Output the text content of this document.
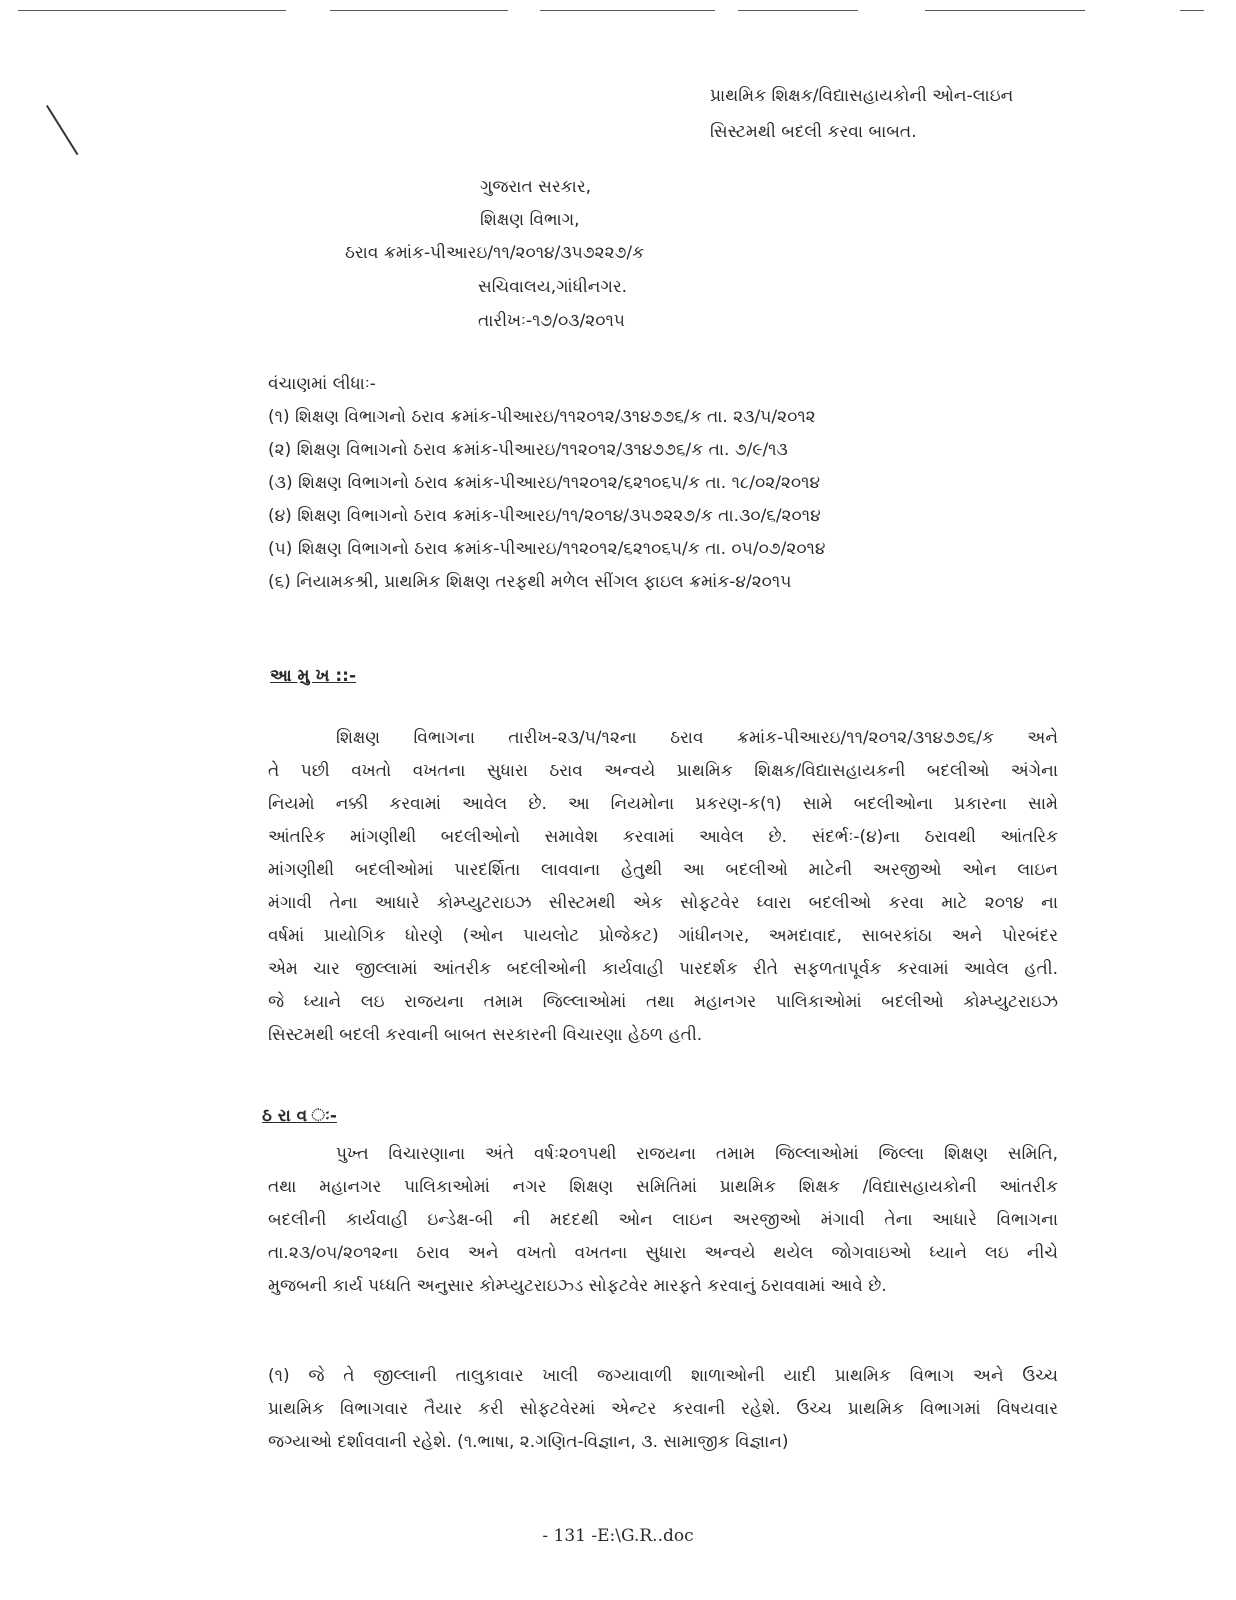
પ્રાથમિક શિક્ષક/વિદ્યાસહાયકોની ઓન-લાઇન
સિસ્ટમથી બદલી કરવા બાબત.
ગુજરાત સરકાર,
શિક્ષણ વિભાગ,
ઠરાવ ક્રમાંક-પીઆરઇ/૧૧/૨૦૧૪/૩૫૭૨૨૭/ક
સચિવાલય,ગાંધીનગર.
તારીખઃ-૧૭/૦૩/૨૦૧૫
વંચાણમાં લીધાઃ-
(૧) શિક્ષણ વિભાગનો ઠરાવ ક્રમાંક-પીઆરઇ/૧૧૨૦૧૨/૩૧૪૭૭૬/ક તા. ૨૩/૫/૨૦૧૨
(૨) શિક્ષણ વિભાગનો ઠરાવ ક્રમાંક-પીઆરઇ/૧૧૨૦૧૨/૩૧૪૭૭૬/ક તા. ૭/૯/૧૩
(૩) શિક્ષણ વિભાગનો ઠરાવ ક્રમાંક-પીઆરઇ/૧૧૨૦૧૨/૬૨૧૦૬૫/ક તા. ૧૮/૦૨/૨૦૧૪
(૪) શિક્ષણ વિભાગનો ઠરાવ ક્રમાંક-પીઆરઇ/૧૧/૨૦૧૪/૩૫૭૨૨૭/ક તા.૩૦/૬/૨૦૧૪
(૫) શિક્ષણ વિભાગનો ઠરાવ ક્રમાંક-પીઆરઇ/૧૧૨૦૧૨/૬૨૧૦૬૫/ક તા. ૦૫/૦૭/૨૦૧૪
(૬) નિયામકશ્રી, પ્રાથમિક શિક્ષણ તરફથી મળેલ સીંગલ ફાઇલ ક્રમાંક-૪/૨૦૧૫
આ મુ ખ ::-
શિક્ષણ વિભાગના તારીખ-૨૩/૫/૧૨ના ઠરાવ ક્રમાંક-પીઆરઇ/૧૧/૨૦૧૨/૩૧૪૭૭૬/ક અને
તે પછી વખતો વખતના સુધારા ઠરાવ અન્વયે પ્રાથમિક શિક્ષક/વિદ્યાસહાયકની બદલીઓ અંગેના
નિયમો નક્કી કરવામાં આવેલ છે. આ નિયમોના પ્રકરણ-ક(૧) સામે બદલીઓના પ્રકારના સામે
આંતરિક માંગણીથી બદલીઓનો સમાવેશ કરવામાં આવેલ છે. સંદર્ભઃ-(૪)ના ઠરાવથી આંતરિક
માંગણીથી બદલીઓમાં પારદર્શિતા લાવવાના હેતુથી આ બદલીઓ માટેની અરજીઓ ઓન લાઇન
મંગાવી તેના આધારે કોમ્પ્યુટરાઇઝ સીસ્ટમથી એક સોફટવેર ધ્વારા બદલીઓ કરવા માટે ૨૦૧૪ ના
વર્ષમાં પ્રાયોગિક ધોરણે (ઓન પાયલોટ પ્રોજેકટ) ગાંધીનગર, અમદાવાદ, સાબરકાંઠા અને પોરબંદર
એમ ચાર જીલ્લામાં આંતરીક બદલીઓની કાર્યવાહી પારદર્શક રીતે સફળતાપૂર્વક કરવામાં આવેલ હતી.
જે ધ્યાને લઇ રાજયના તમામ જિલ્લાઓમાં તથા મહાનગર પાલિકાઓમાં બદલીઓ કોમ્પ્યુટરાઇઝ
સિસ્ટમથી બદલી કરવાની બાબત સરકારની વિચારણા હેઠળ હતી.
ઠ રા વ ઃ-
પુખ્ત વિચારણાના અંતે વર્ષઃ૨૦૧૫થી રાજયના તમામ જિલ્લાઓમાં જિલ્લા શિક્ષણ સમિતિ,
તથા મહાનગર પાલિકાઓમાં નગર શિક્ષણ સમિતિમાં પ્રાથમિક શિક્ષક /વિદ્યાસહાયકોની આંતરીક
બદલીની કાર્યવાહી ઇન્ડેક્ષ-બી ની મદદથી ઓન લાઇન અરજીઓ મંગાવી તેના આધારે વિભાગના
તા.૨૩/૦૫/૨૦૧૨ના ઠરાવ અને વખતો વખતના સુધારા અન્વયે થયેલ જોગવાઇઓ ધ્યાને લઇ નીચે
મુજબની કાર્ય પધ્ધતિ અનુસાર કોમ્પ્યુટરાઇઝ્ડ સોફટવેર મારફતે કરવાનું ઠરાવવામાં આવે છે.
(૧) જે તે જીલ્લાની તાલુકાવાર ખાલી જગ્યાવાળી શાળાઓની યાદી પ્રાથમિક વિભાગ અને ઉચ્ચ
પ્રાથમિક વિભાગવાર તૈયાર કરી સોફટવેરમાં એન્ટર કરવાની રહેશે. ઉચ્ચ પ્રાથમિક વિભાગમાં વિષયવાર
જગ્યાઓ દર્શાવવાની રહેશે. (૧.ભાષા, ૨.ગણિત-વિજ્ઞાન, ૩. સામાજીક વિજ્ઞાન)
- 131 -E:\G.R..doc
